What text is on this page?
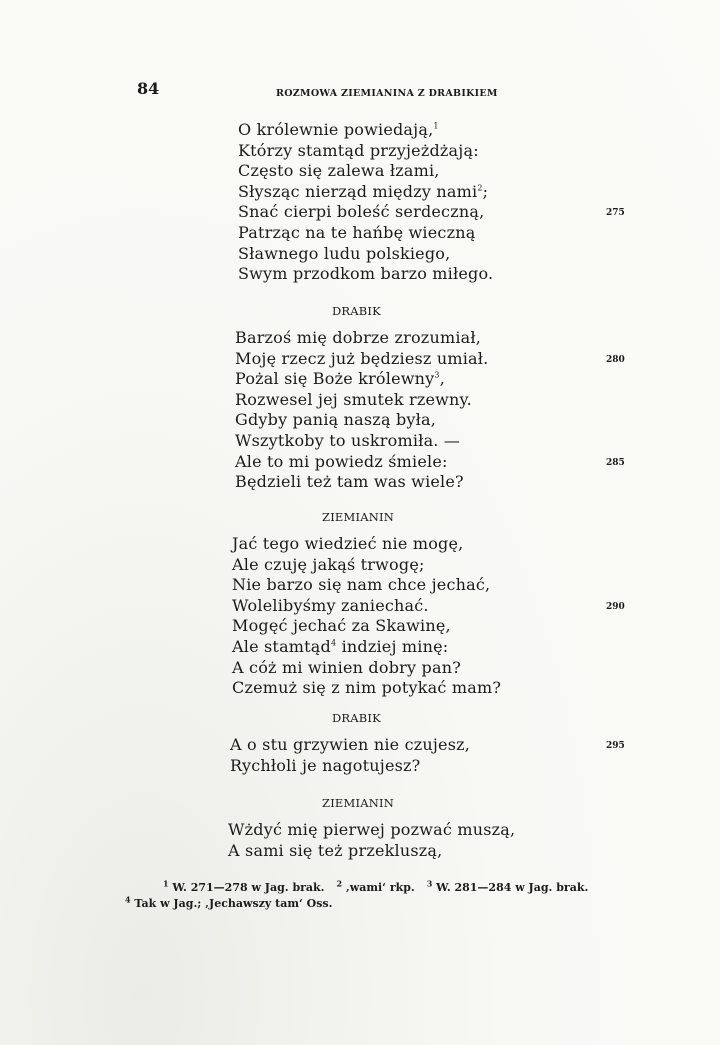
84	ROZMOWA ZIEMIANINA Z DRABIKIEM
O królewnie powiedają,$^1$
Którzy stamtąd przyjeżdżają:
Często się zalewa łzami,
Słysząc nierząd między nami$^2$;
Snać cierpi boleść serdeczną,	275
Patrząc na te hańbę wieczną
Sławnego ludu polskiego,
Swym przodkom barzo miłego.
DRABIK
Barzoś mię dobrze zrozumiał,
Moję rzecz już będziesz umiał.	280
Pożal się Boże królewny$^3$,
Rozwesel jej smutek rzewny.
Gdyby panią naszą była,
Wszytkoby to uskromiła. —
Ale to mi powiedz śmiele:	285
Będzieli też tam was wiele?
ZIEMIANIN
Jać tego wiedzieć nie mogę,
Ale czuję jakąś trwogę;
Nie barzo się nam chce jechać,
Wolelibyśmy zaniechać.	290
Mogęć jechać za Skawinę,
Ale stamtąd$^4$ indziej minę:
A cóż mi winien dobry pan?
Czemuż się z nim potykać mam?
DRABIK
A o stu grzywien nie czujesz,	295
Rychłoli je nagotujesz?
ZIEMIANIN
Wżdyć mię pierwej pozwać muszą,
A sami się też przekluszą,
$^1$ W. 271—278 w Jag. brak. $^2$ ‚wami‘ rkp. $^3$ W. 281—284 w Jag. brak.
$^4$ Tak w Jag.; ‚Jechawszy tam‘ Oss.
